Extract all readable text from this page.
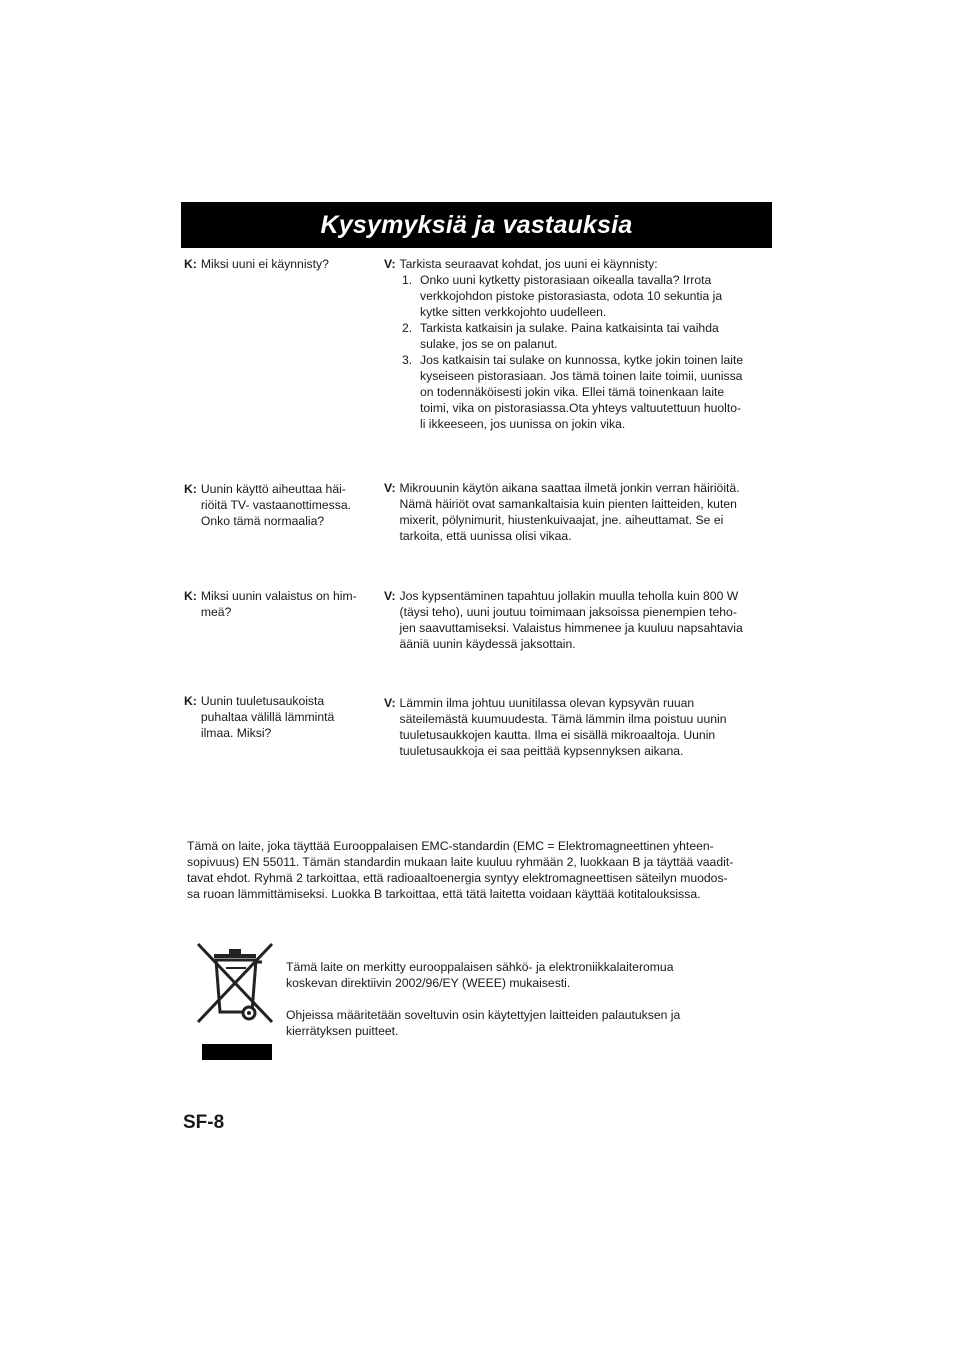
Kysymyksiä ja vastauksia
K: Miksi uuni ei käynnisty?	V: Tarkista seuraavat kohdat, jos uuni ei käynnisty:
1. Onko uuni kytketty pistorasiaan oikealla tavalla? Irrota
verkkojohdon pistoke pistorasiasta, odota 10 sekuntia ja
kytke sitten verkkojohto uudelleen.
2. Tarkista katkaisin ja sulake. Paina katkaisinta tai vaihda
sulake, jos se on palanut.
3. Jos katkaisin tai sulake on kunnossa, kytke jokin toinen laite
kyseiseen pistorasiaan. Jos tämä toinen laite toimii, uunissa
on todennäköisesti jokin vika. Ellei tämä toinenkaan laite
toimi, vika on pistorasiassa.Ota yhteys valtuutettuun huolto-
li ikkeeseen, jos uunissa on jokin vika.
K: Uunin käyttö aiheuttaa häi-
riöitä TV- vastaanottimessa.
Onko tämä normaalia?
V: Mikrouunin käytön aikana saattaa ilmetä jonkin verran häiriöitä.
Nämä häiriöt ovat samankaltaisia kuin pienten laitteiden, kuten
mixerit, pölynimurit, hiustenkuivaajat, jne. aiheuttamat. Se ei
tarkoita, että uunissa olisi vikaa.
K: Miksi uunin valaistus on him-
meä?
V: Jos kypsentäminen tapahtuu jollakin muulla teholla kuin 800 W
(täysi teho), uuni joutuu toimimaan jaksoissa pienempien teho-
jen saavuttamiseksi. Valaistus himmenee ja kuuluu napsahtavia
ääniä uunin käydessä jaksottain.
K: Uunin tuuletusaukoista
puhaltaa välillä lämmintä
ilmaa. Miksi?
V: Lämmin ilma johtuu uunitilassa olevan kypsyvän ruuan
säteilemästä kuumuudesta. Tämä lämmin ilma poistuu uunin
tuuletusaukkojen kautta. Ilma ei sisällä mikroaaltoja. Uunin
tuuletusaukkoja ei saa peittää kypsennyksen aikana.
Tämä on laite, joka täyttää Eurooppalaisen EMC-standardin (EMC = Elektromagneettinen yhteen-
sopivuus) EN 55011. Tämän standardin mukaan laite kuuluu ryhmään 2, luokkaan B ja täyttää vaadit-
tavat ehdot. Ryhmä 2 tarkoittaa, että radioaaltoenergia syntyy elektromagneettisen säteilyn muodos-
sa ruoan lämmittämiseksi. Luokka B tarkoittaa, että tätä laitetta voidaan käyttää kotitalouksissa.

Tämä laite on merkitty eurooppalaisen sähkö- ja elektroniikkalaiteromua
koskevan direktiivin 2002/96/EY (WEEE) mukaisesti.

Ohjeissa määritetään soveltuvin osin käytettyjen laitteiden palautuksen ja
kierrätyksen puitteet.

SF-8
